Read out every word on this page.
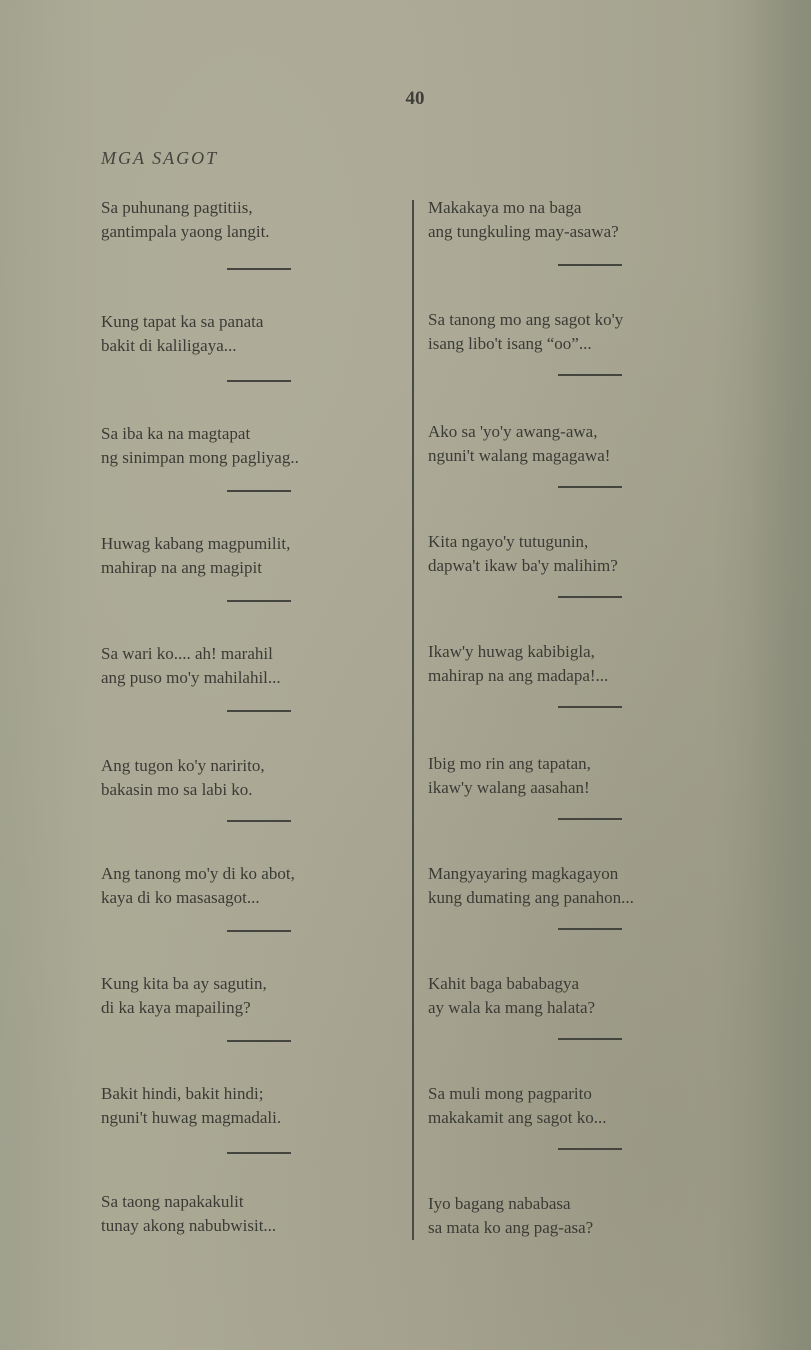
40
MGA SAGOT
Sa puhunang pagtitiis,
gantimpala yaong langit.
Kung tapat ka sa panata
bakit di kaliligaya...
Sa iba ka na magtapat
ng sinimpan mong pagliyag..
Huwag kabang magpumilit,
mahirap na ang magipit
Sa wari ko.... ah! marahil
ang puso mo'y mahilahil...
Ang tugon ko'y naririto,
bakasin mo sa labi ko.
Ang tanong mo'y di ko abot,
kaya di ko masasagot...
Kung kita ba ay sagutin,
di ka kaya mapailing?
Bakit hindi, bakit hindi;
nguni't huwag magmadali.
Sa taong napakakulit
tunay akong nabubwisit...
Makakaya mo na baga
ang tungkuling may-asawa?
Sa tanong mo ang sagot ko'y
isang libo't isang “oo”...
Ako sa 'yo'y awang-awa,
nguni't walang magagawa!
Kita ngayo'y tutugunin,
dapwa't ikaw ba'y malihim?
Ikaw'y huwag kabibigla,
mahirap na ang madapa!...
Ibig mo rin ang tapatan,
ikaw'y walang aasahan!
Mangyayaring magkagayon
kung dumating ang panahon...
Kahit baga bababagya
ay wala ka mang halata?
Sa muli mong pagparito
makakamit ang sagot ko...
Iyo bagang nababasa
sa mata ko ang pag-asa?
